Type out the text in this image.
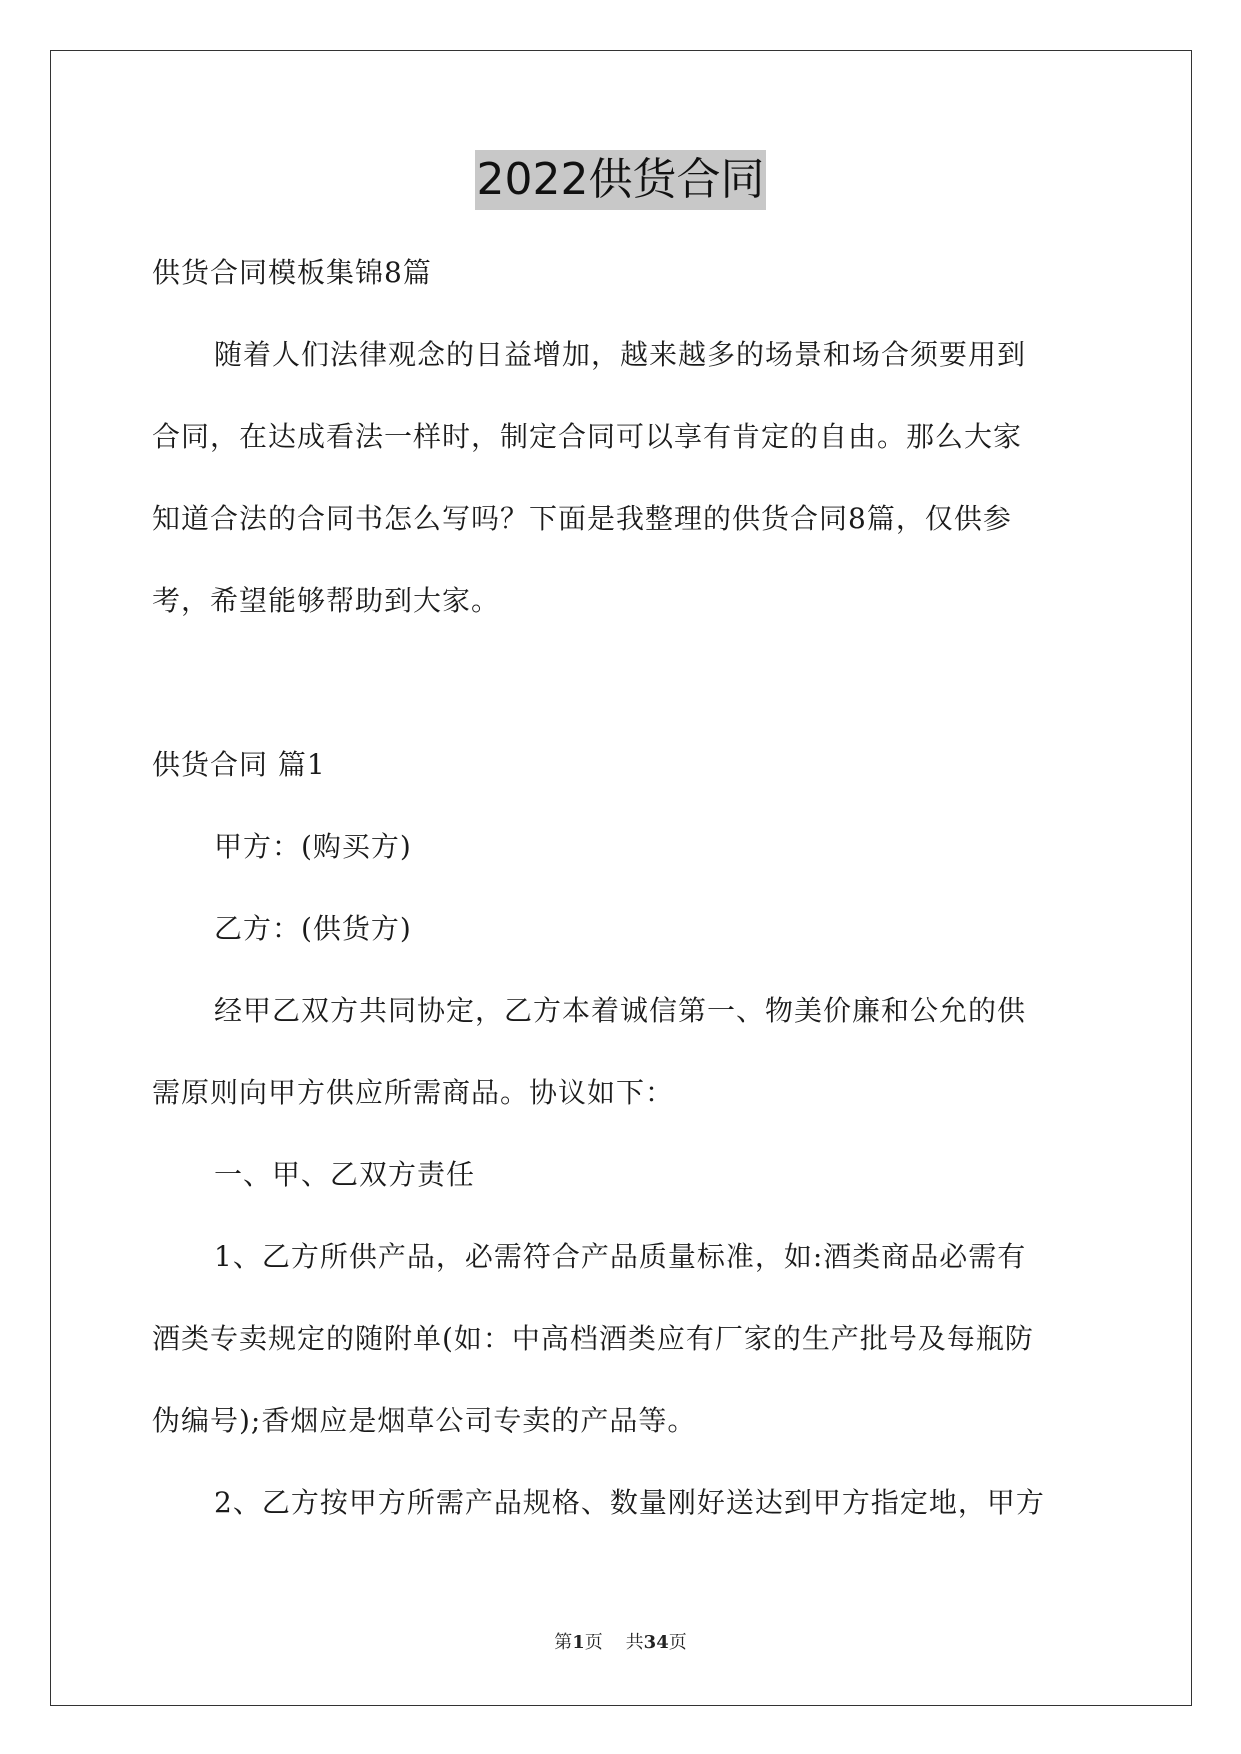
2022供货合同
供货合同模板集锦8篇
随着人们法律观念的日益增加，越来越多的场景和场合须要用到
合同，在达成看法一样时，制定合同可以享有肯定的自由。那么大家
知道合法的合同书怎么写吗？下面是我整理的供货合同8篇，仅供参
考，希望能够帮助到大家。
供货合同 篇1
甲方：(购买方)
乙方：(供货方)
经甲乙双方共同协定，乙方本着诚信第一、物美价廉和公允的供
需原则向甲方供应所需商品。协议如下：
一、甲、乙双方责任
1、乙方所供产品，必需符合产品质量标准，如:酒类商品必需有
酒类专卖规定的随附单(如：中高档酒类应有厂家的生产批号及每瓶防
伪编号);香烟应是烟草公司专卖的产品等。
2、乙方按甲方所需产品规格、数量刚好送达到甲方指定地，甲方
第1页    共34页
